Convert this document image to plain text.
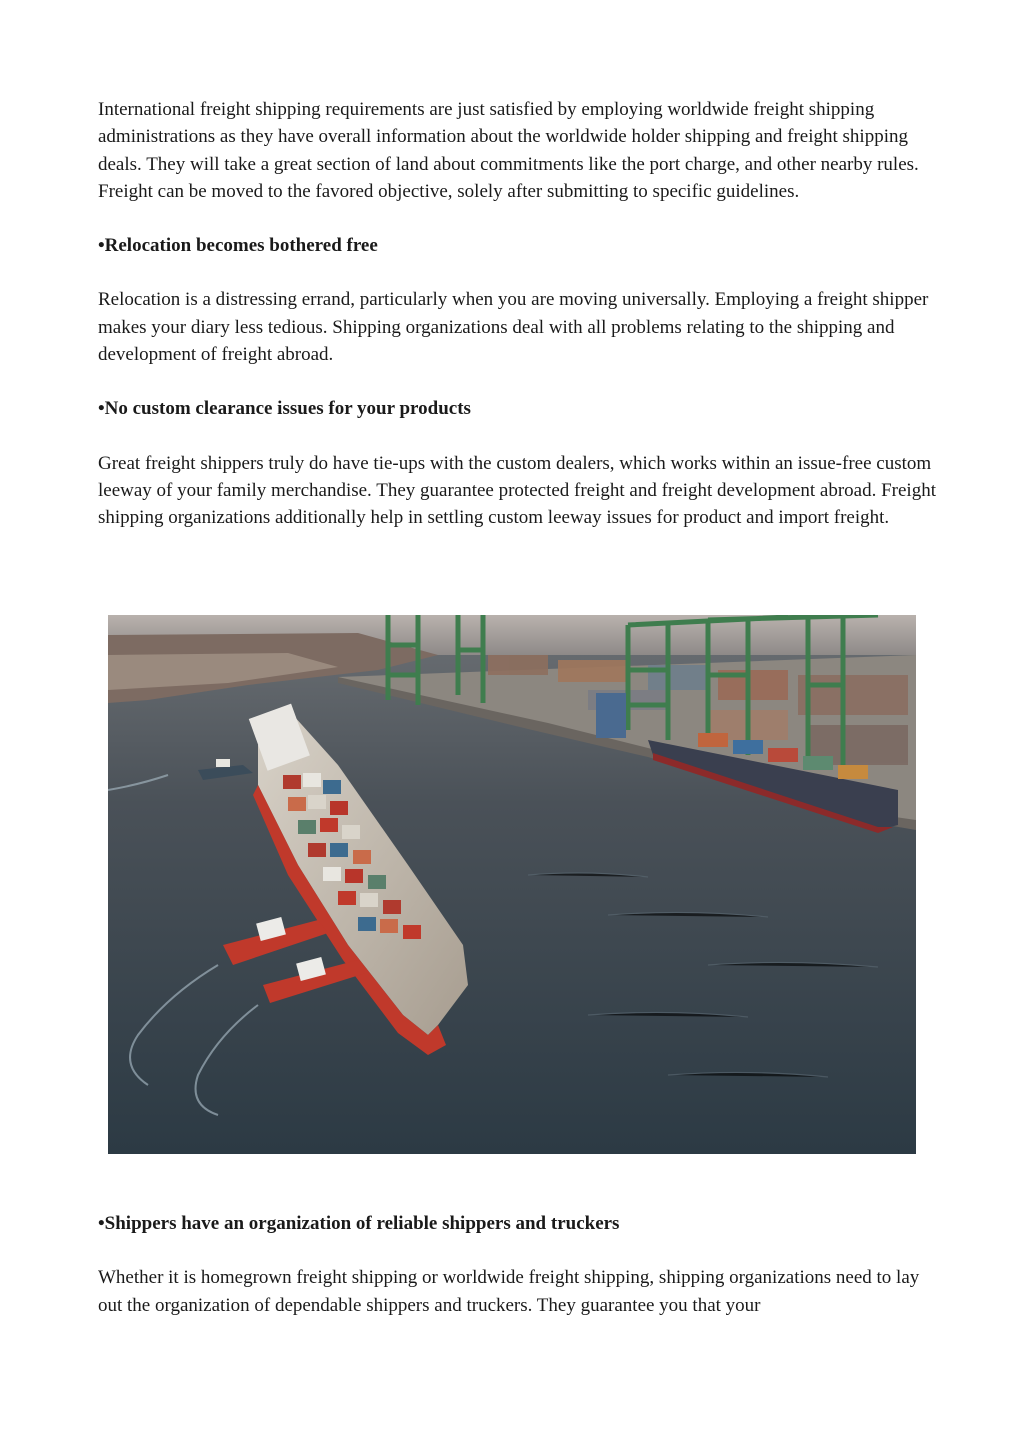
International freight shipping requirements are just satisfied by employing worldwide freight shipping administrations as they have overall information about the worldwide holder shipping and freight shipping deals. They will take a great section of land about commitments like the port charge, and other nearby rules. Freight can be moved to the favored objective, solely after submitting to specific guidelines.

•Relocation becomes bothered free

Relocation is a distressing errand, particularly when you are moving universally. Employing a freight shipper makes your diary less tedious. Shipping organizations deal with all problems relating to the shipping and development of freight abroad.

•No custom clearance issues for your products

Great freight shippers truly do have tie-ups with the custom dealers, which works within an issue-free custom leeway of your family merchandise. They guarantee protected freight and freight development abroad. Freight shipping organizations additionally help in settling custom leeway issues for product and import freight.

•Shippers have an organization of reliable shippers and truckers

Whether it is homegrown freight shipping or worldwide freight shipping, shipping organizations need to lay out the organization of dependable shippers and truckers. They guarantee you that your
